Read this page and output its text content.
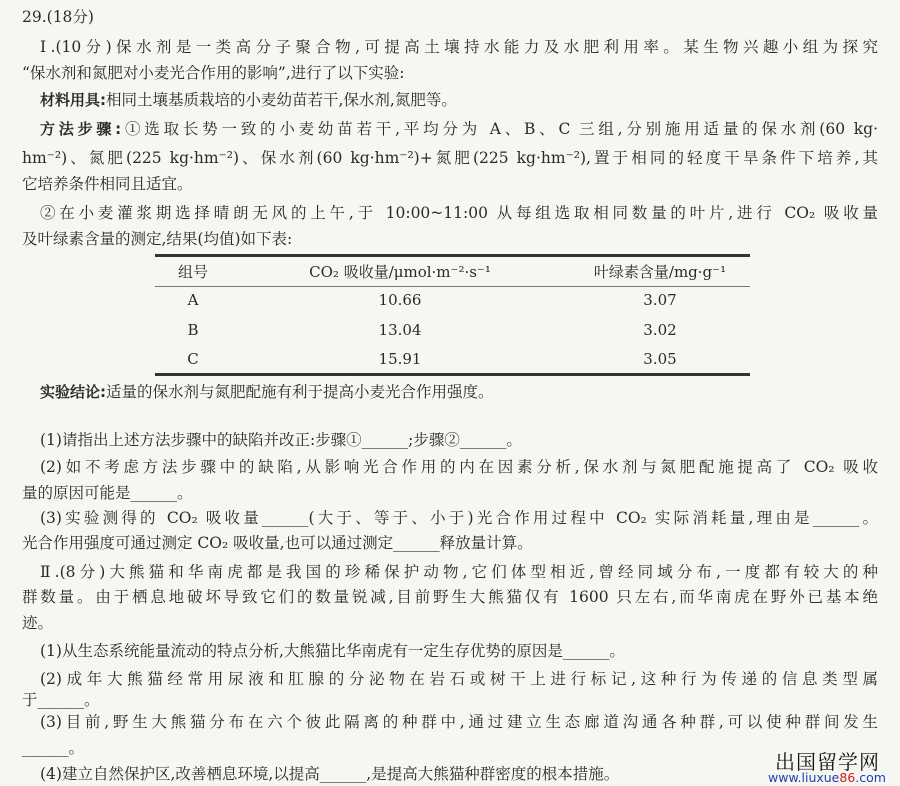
29.(18分)
Ⅰ.(10分)保水剂是一类高分子聚合物,可提高土壤持水能力及水肥利用率。某生物兴趣小组为探究
“保水剂和氮肥对小麦光合作用的影响”,进行了以下实验:
材料用具:相同土壤基质栽培的小麦幼苗若干,保水剂,氮肥等。
方法步骤:①选取长势一致的小麦幼苗若干,平均分为 A、B、C 三组,分别施用适量的保水剂(60 kg·
hm⁻²)、氮肥(225 kg·hm⁻²)、保水剂(60 kg·hm⁻²)+氮肥(225 kg·hm⁻²),置于相同的轻度干旱条件下培养,其
它培养条件相同且适宜。
②在小麦灌浆期选择晴朗无风的上午,于 10:00~11:00 从每组选取相同数量的叶片,进行 CO₂ 吸收量
及叶绿素含量的测定,结果(均值)如下表:
组号	CO₂ 吸收量/μmol·m⁻²·s⁻¹	叶绿素含量/mg·g⁻¹
A	10.66	3.07
B	13.04	3.02
C	15.91	3.05
实验结论:适量的保水剂与氮肥配施有利于提高小麦光合作用强度。
(1)请指出上述方法步骤中的缺陷并改正:步骤①______;步骤②______。
(2)如不考虑方法步骤中的缺陷,从影响光合作用的内在因素分析,保水剂与氮肥配施提高了 CO₂ 吸收
量的原因可能是______。
(3)实验测得的 CO₂ 吸收量______(大于、等于、小于)光合作用过程中 CO₂ 实际消耗量,理由是______。
光合作用强度可通过测定 CO₂ 吸收量,也可以通过测定______释放量计算。
Ⅱ.(8分)大熊猫和华南虎都是我国的珍稀保护动物,它们体型相近,曾经同域分布,一度都有较大的种
群数量。由于栖息地破坏导致它们的数量锐减,目前野生大熊猫仅有 1600 只左右,而华南虎在野外已基本绝
迹。
(1)从生态系统能量流动的特点分析,大熊猫比华南虎有一定生存优势的原因是______。
(2)成年大熊猫经常用尿液和肛腺的分泌物在岩石或树干上进行标记,这种行为传递的信息类型属
于______。
(3)目前,野生大熊猫分布在六个彼此隔离的种群中,通过建立生态廊道沟通各种群,可以使种群间发生
______。
(4)建立自然保护区,改善栖息环境,以提高______,是提高大熊猫种群密度的根本措施。	出国留学网
www.liuxue86.com
